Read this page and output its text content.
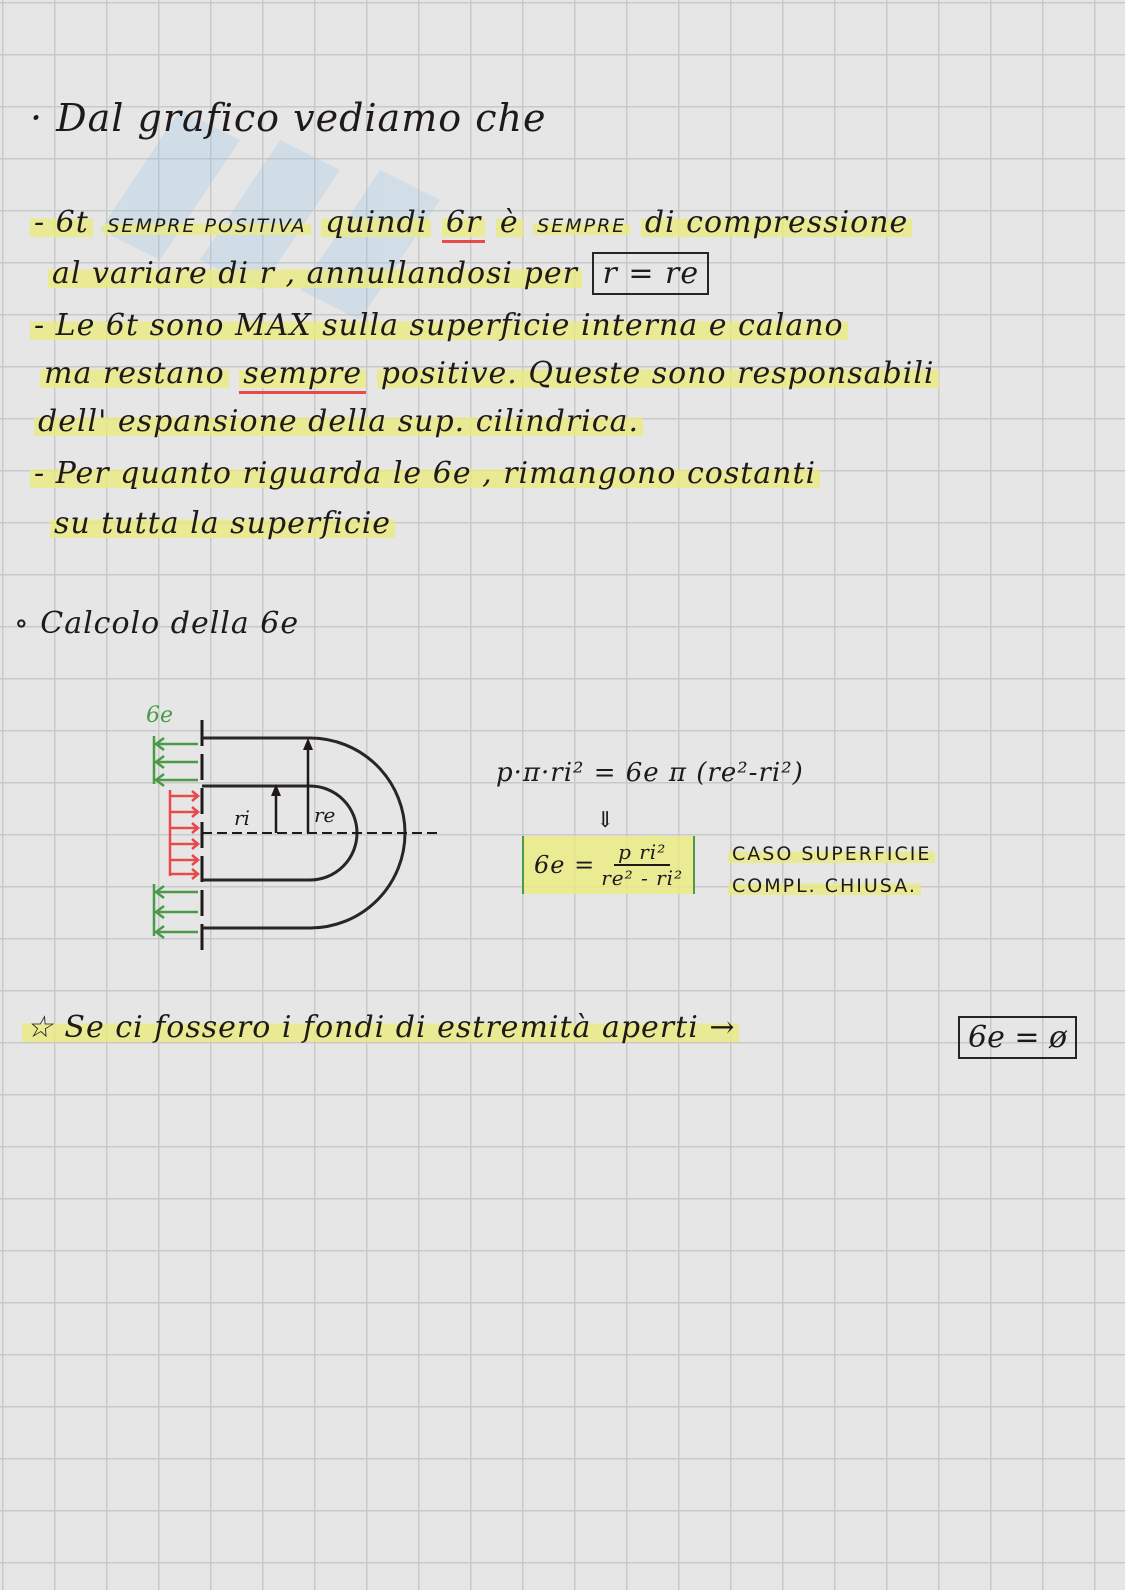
· Dal grafico vediamo che
- 6t SEMPRE POSITIVA quindi 6r è SEMPRE di compressione
al variare di r , annullandosi per r = re
- Le 6t sono MAX sulla superficie interna e calano
ma restano sempre positive. Queste sono responsabili
dell' espansione della sup. cilindrica.
- Per quanto riguarda le 6e , rimangono costanti
su tutta la superficie
∘ Calcolo della 6e
6e
ri	re
p·π·ri² = 6e π (re²-ri²)
⇓
$6e = \frac{\text{p ri²}}{\text{re² - ri²}}$	CASO SUPERFICIE
COMPL. CHIUSA.
☆ Se ci fossero i fondi di estremità aperti →	6e = ø
